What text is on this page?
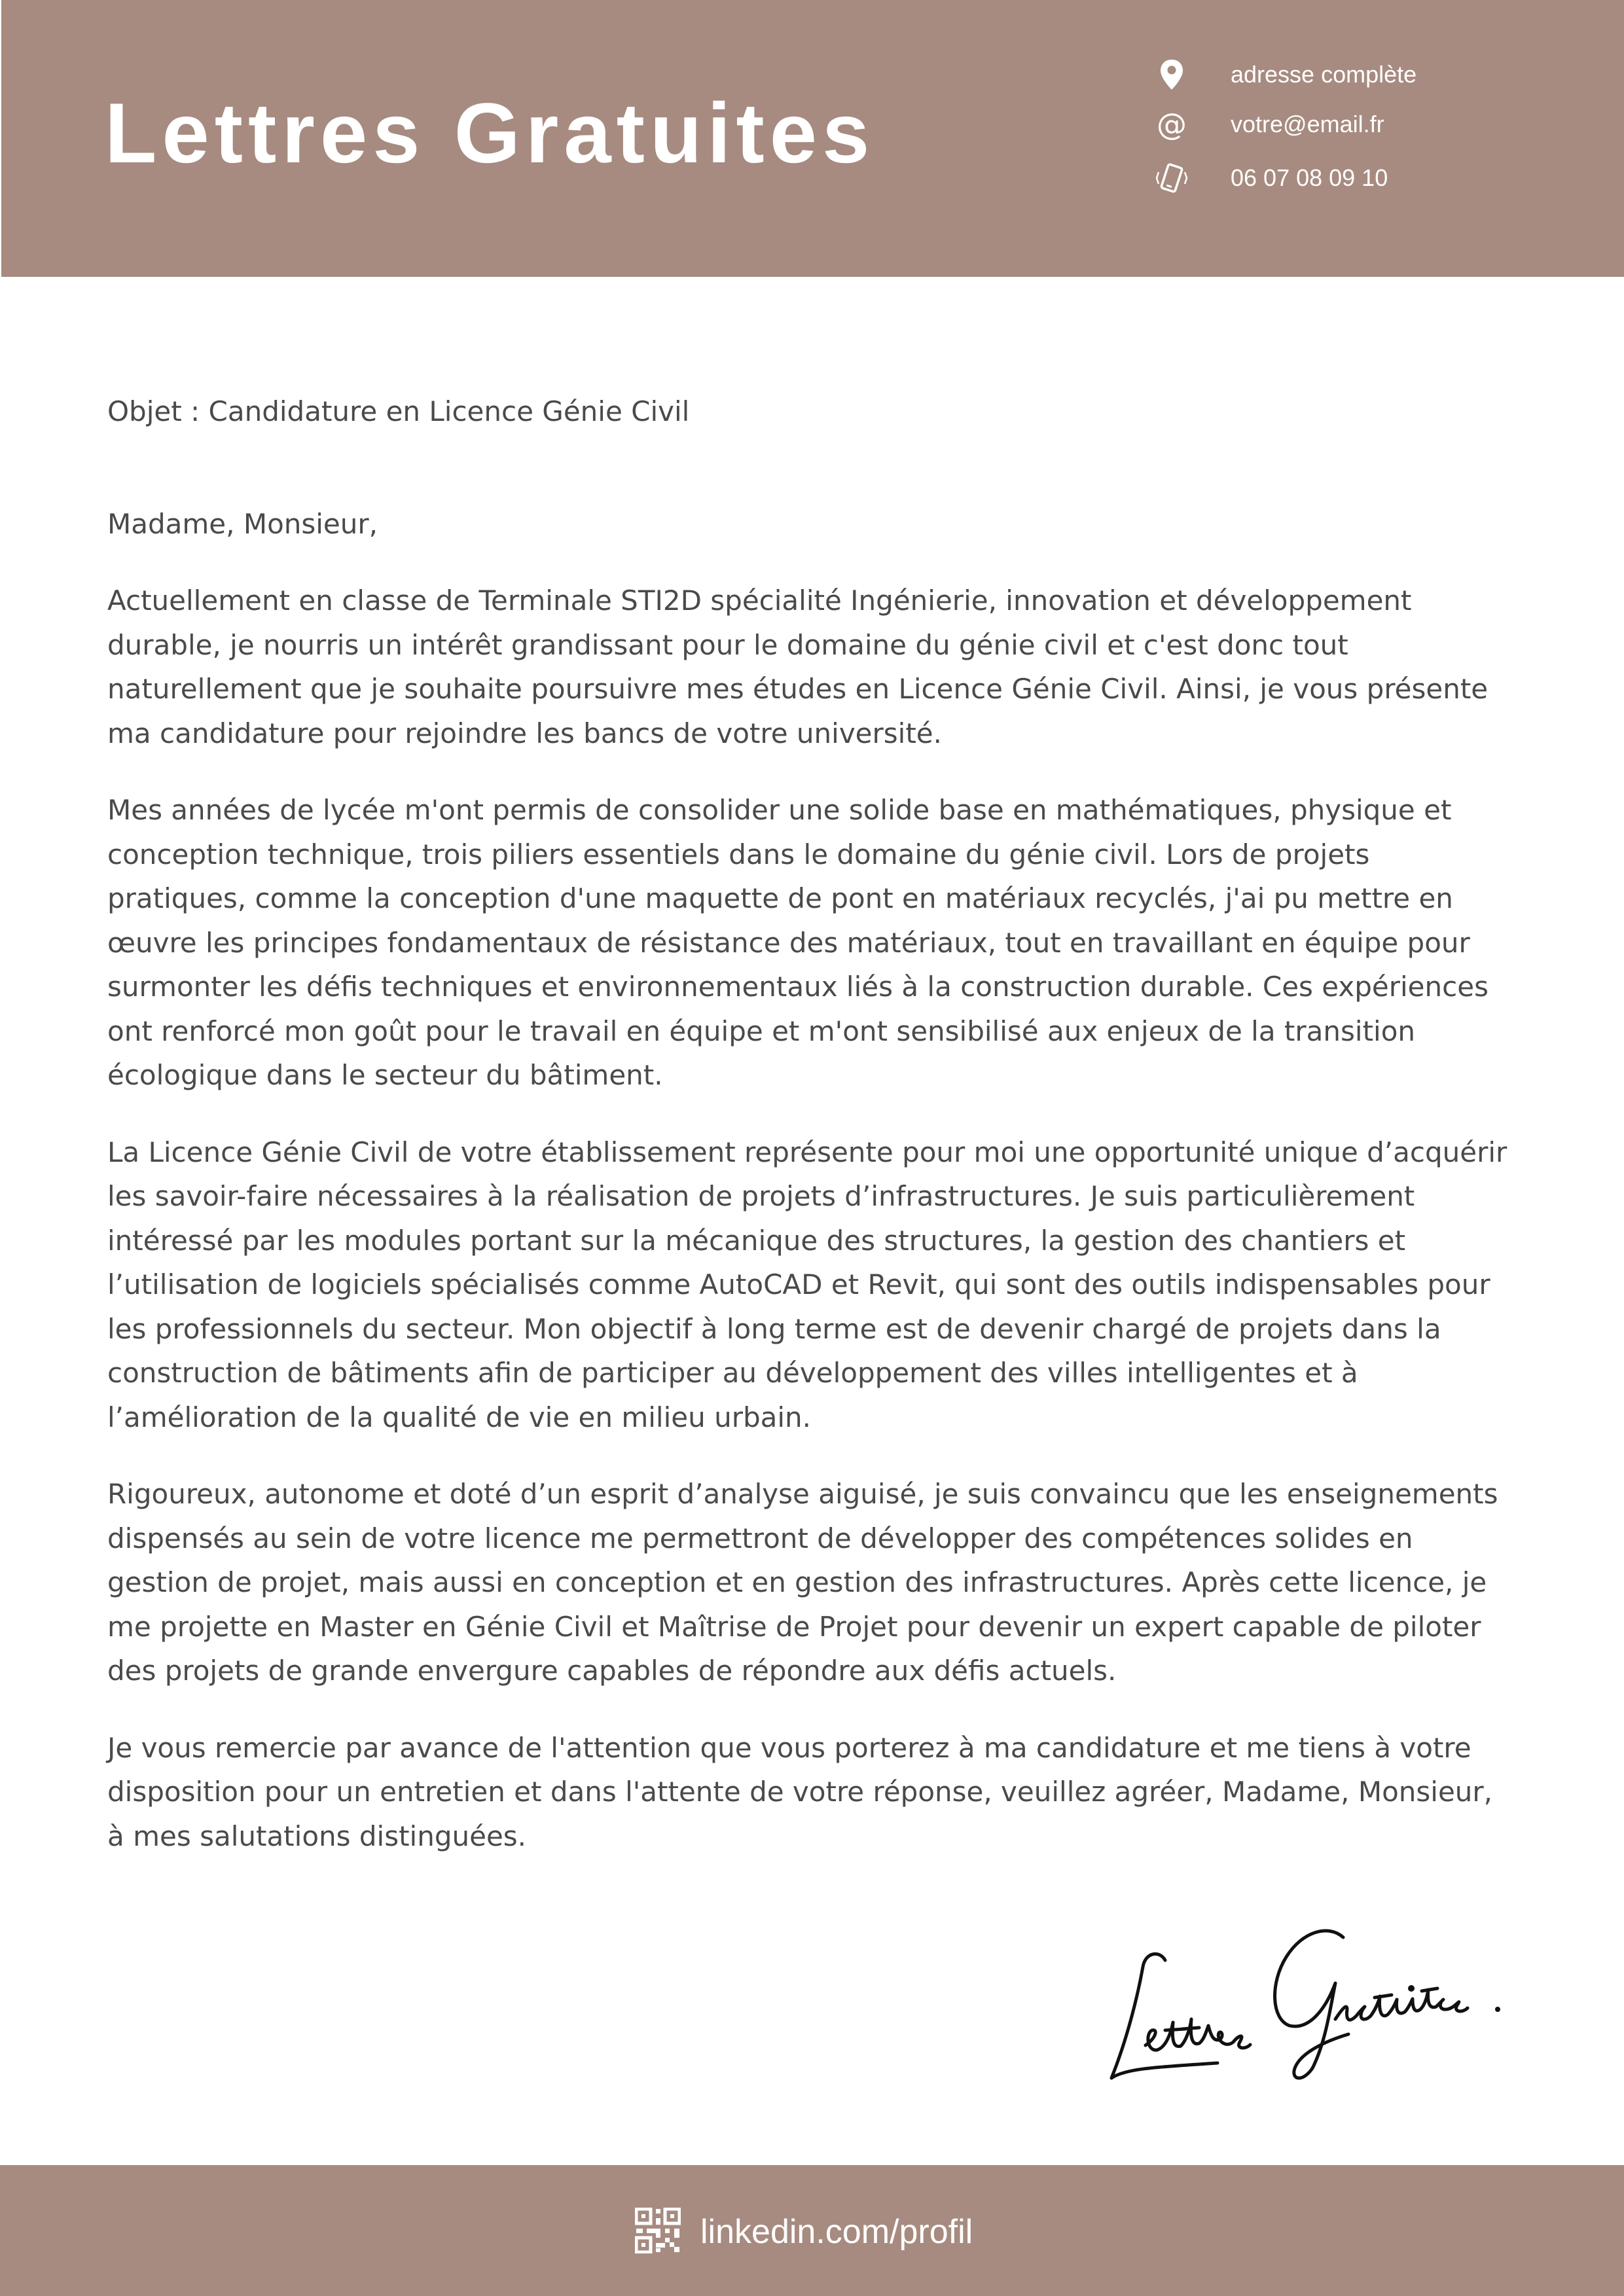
Lettres Gratuites
adresse complète
@ votre@email.fr
06 07 08 09 10

Objet : Candidature en Licence Génie Civil

Madame, Monsieur,

Actuellement en classe de Terminale STI2D spécialité Ingénierie, innovation et développement durable, je nourris un intérêt grandissant pour le domaine du génie civil et c'est donc tout naturellement que je souhaite poursuivre mes études en Licence Génie Civil. Ainsi, je vous présente ma candidature pour rejoindre les bancs de votre université.

Mes années de lycée m'ont permis de consolider une solide base en mathématiques, physique et conception technique, trois piliers essentiels dans le domaine du génie civil. Lors de projets pratiques, comme la conception d'une maquette de pont en matériaux recyclés, j'ai pu mettre en œuvre les principes fondamentaux de résistance des matériaux, tout en travaillant en équipe pour surmonter les défis techniques et environnementaux liés à la construction durable. Ces expériences ont renforcé mon goût pour le travail en équipe et m'ont sensibilisé aux enjeux de la transition écologique dans le secteur du bâtiment.

La Licence Génie Civil de votre établissement représente pour moi une opportunité unique d’acquérir les savoir-faire nécessaires à la réalisation de projets d’infrastructures. Je suis particulièrement intéressé par les modules portant sur la mécanique des structures, la gestion des chantiers et l’utilisation de logiciels spécialisés comme AutoCAD et Revit, qui sont des outils indispensables pour les professionnels du secteur. Mon objectif à long terme est de devenir chargé de projets dans la construction de bâtiments afin de participer au développement des villes intelligentes et à l’amélioration de la qualité de vie en milieu urbain.

Rigoureux, autonome et doté d’un esprit d’analyse aiguisé, je suis convaincu que les enseignements dispensés au sein de votre licence me permettront de développer des compétences solides en gestion de projet, mais aussi en conception et en gestion des infrastructures. Après cette licence, je me projette en Master en Génie Civil et Maîtrise de Projet pour devenir un expert capable de piloter des projets de grande envergure capables de répondre aux défis actuels.

Je vous remercie par avance de l'attention que vous porterez à ma candidature et me tiens à votre disposition pour un entretien et dans l'attente de votre réponse, veuillez agréer, Madame, Monsieur, à mes salutations distinguées.

linkedin.com/profil
